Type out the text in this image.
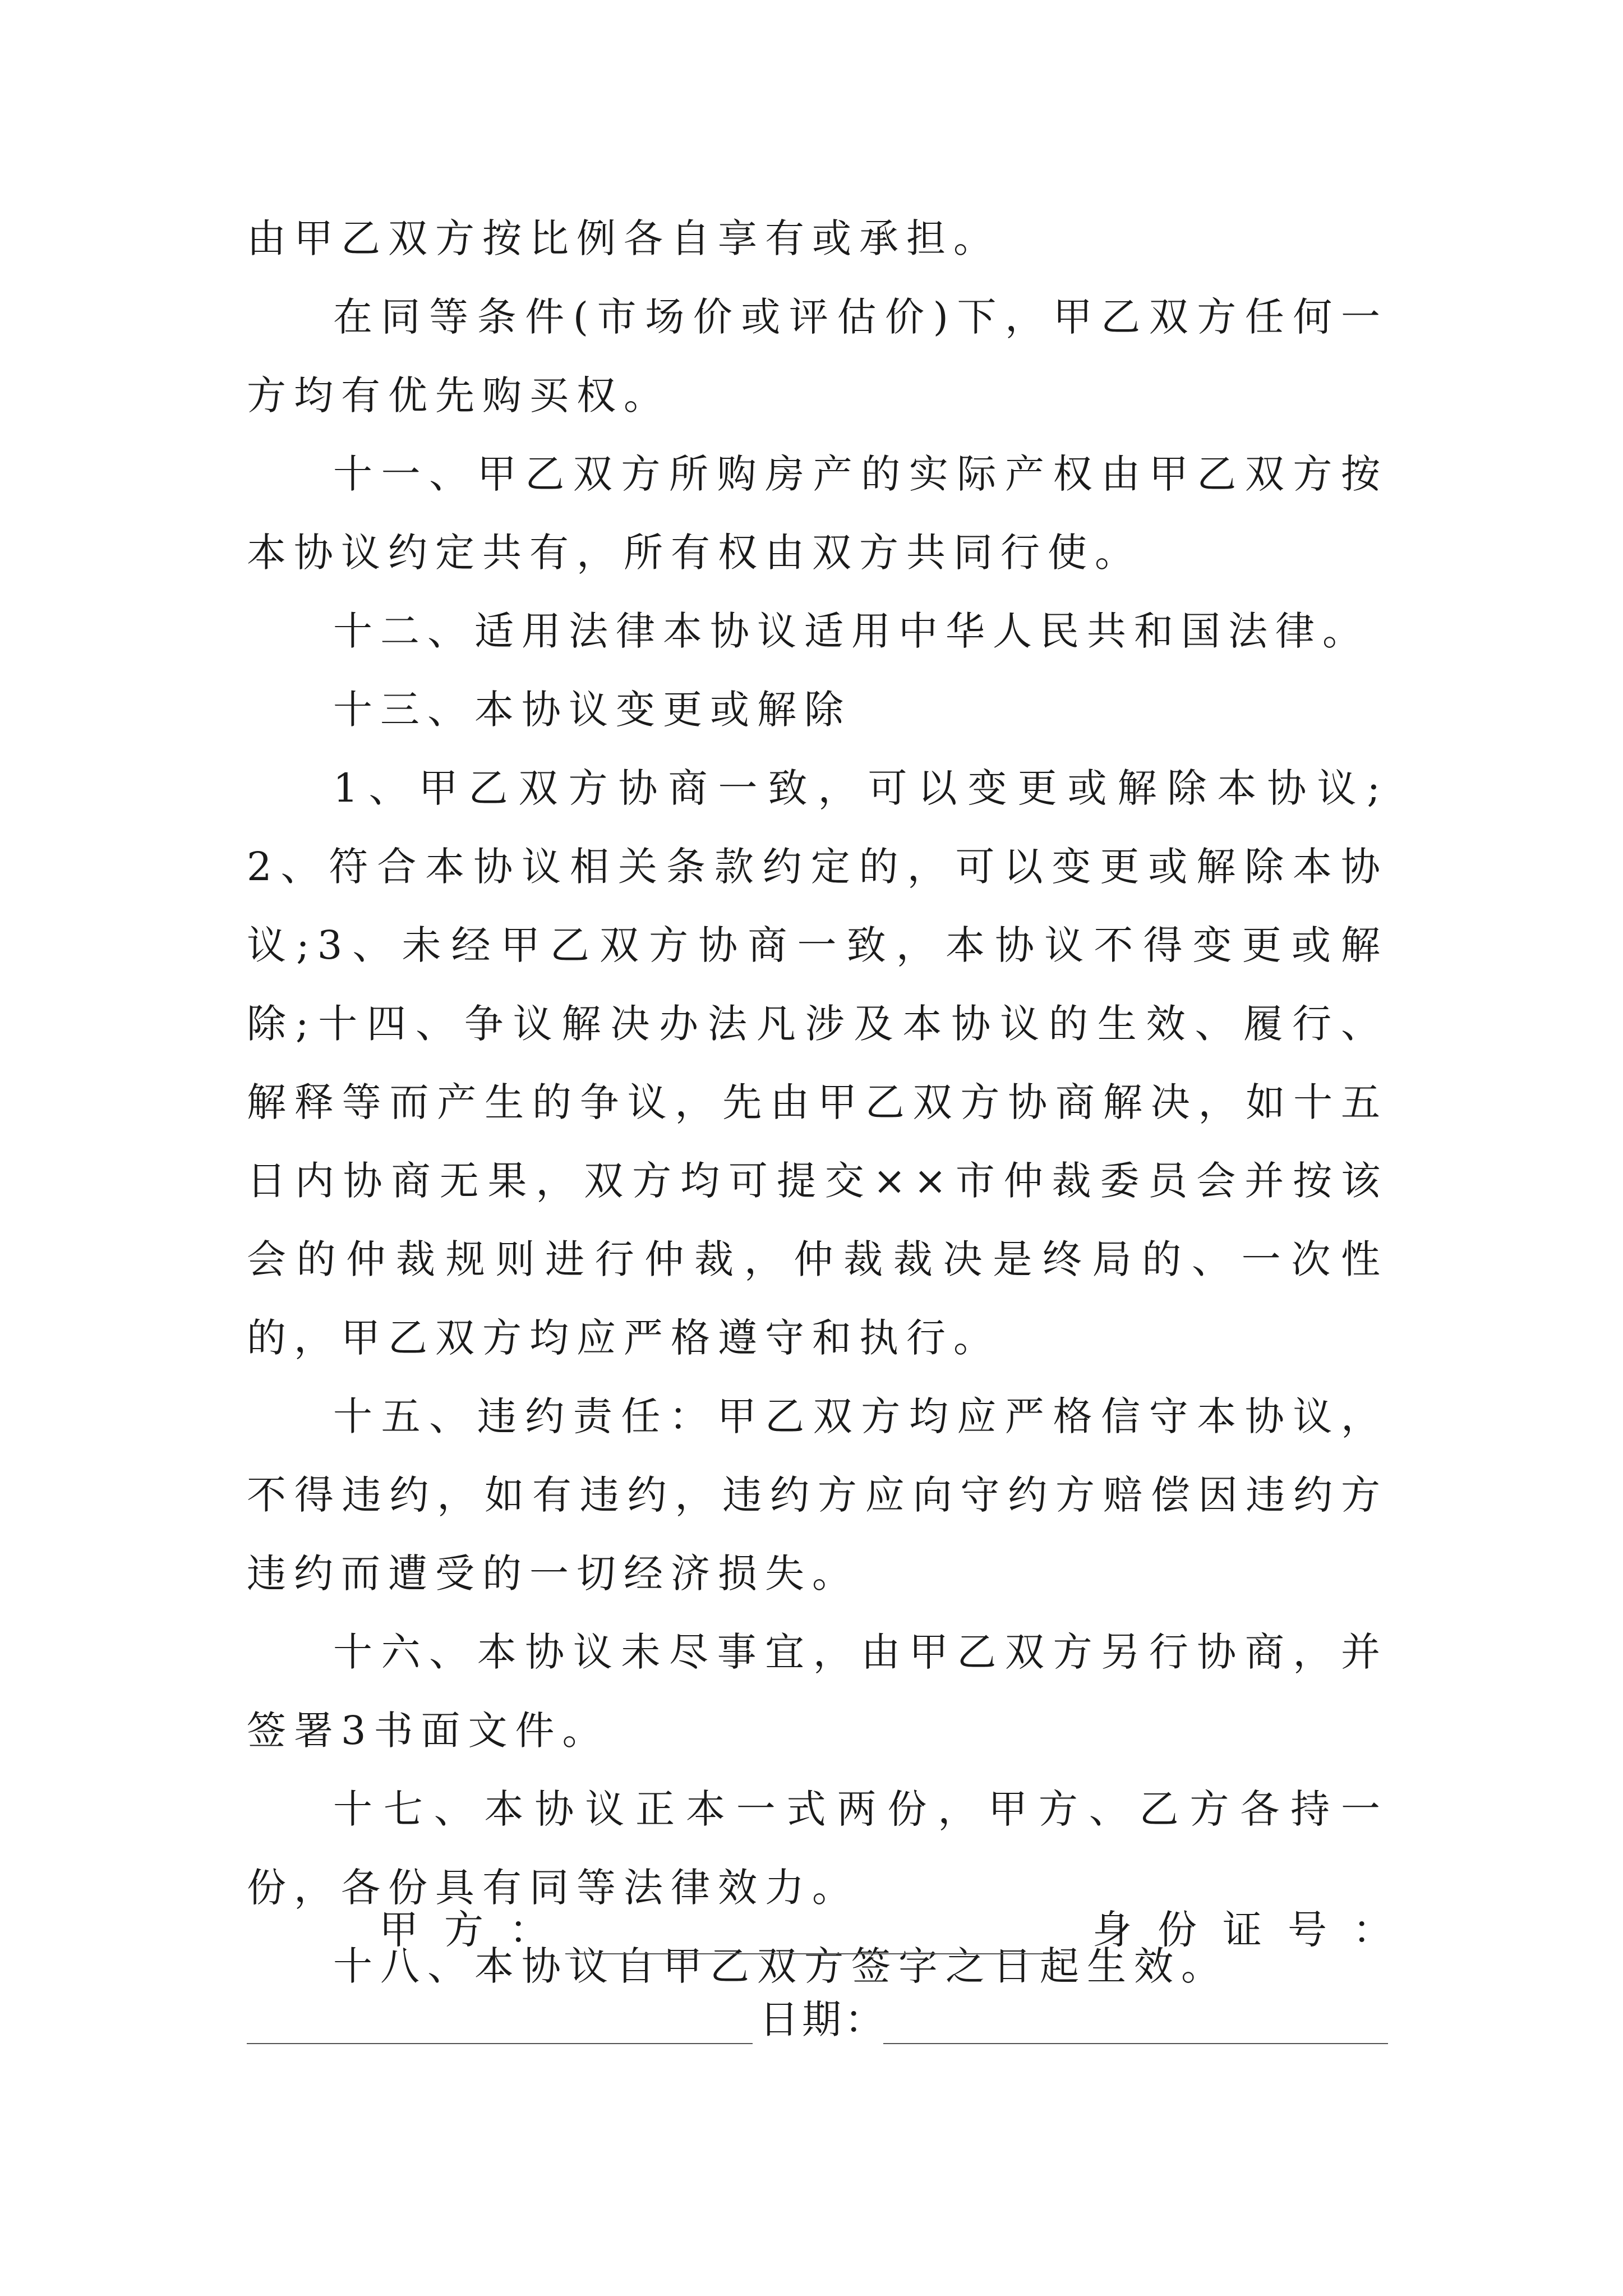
由甲乙双方按比例各自享有或承担。

在同等条件(市场价或评估价)下，甲乙双方任何一方均有优先购买权。

十一、甲乙双方所购房产的实际产权由甲乙双方按本协议约定共有，所有权由双方共同行使。

十二、适用法律本协议适用中华人民共和国法律。

十三、本协议变更或解除

1、甲乙双方协商一致，可以变更或解除本协议;2、符合本协议相关条款约定的，可以变更或解除本协议;3、未经甲乙双方协商一致，本协议不得变更或解除;十四、争议解决办法凡涉及本协议的生效、履行、解释等而产生的争议，先由甲乙双方协商解决，如十五日内协商无果，双方均可提交××市仲裁委员会并按该会的仲裁规则进行仲裁，仲裁裁决是终局的、一次性的，甲乙双方均应严格遵守和执行。

十五、违约责任：甲乙双方均应严格信守本协议，不得违约，如有违约，违约方应向守约方赔偿因违约方违约而遭受的一切经济损失。

十六、本协议未尽事宜，由甲乙双方另行协商，并签署3书面文件。

十七、本协议正本一式两份，甲方、乙方各持一份，各份具有同等法律效力。

十八、本协议自甲乙双方签字之日起生效。

甲方：	身份证号：
日期：
